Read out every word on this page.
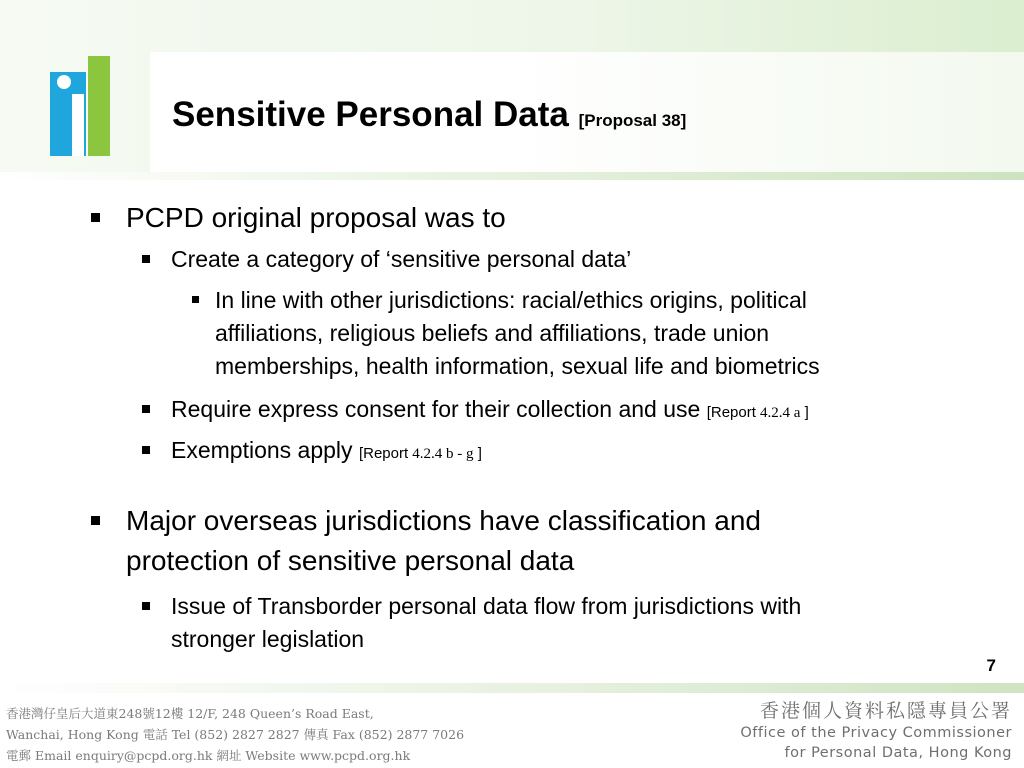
Sensitive Personal Data [Proposal 38]
PCPD original proposal was to
Create a category of ‘sensitive personal data’
In line with other jurisdictions: racial/ethics origins, political
affiliations, religious beliefs and affiliations, trade union
memberships, health information, sexual life and biometrics
Require express consent for their collection and use [Report 4.2.4 a ]
Exemptions apply [Report 4.2.4 b - g ]
Major overseas jurisdictions have classification and
protection of sensitive personal data
Issue of Transborder personal data flow from jurisdictions with
stronger legislation
7
香港灣仔皇后大道東248號12樓 12/F, 248 Queen’s Road East,
Wanchai, Hong Kong 電話 Tel (852) 2827 2827 傳真 Fax (852) 2877 7026
電郵 Email enquiry@pcpd.org.hk 網址 Website www.pcpd.org.hk
香港個人資料私隱專員公署
Office of the Privacy Commissioner
for Personal Data, Hong Kong
